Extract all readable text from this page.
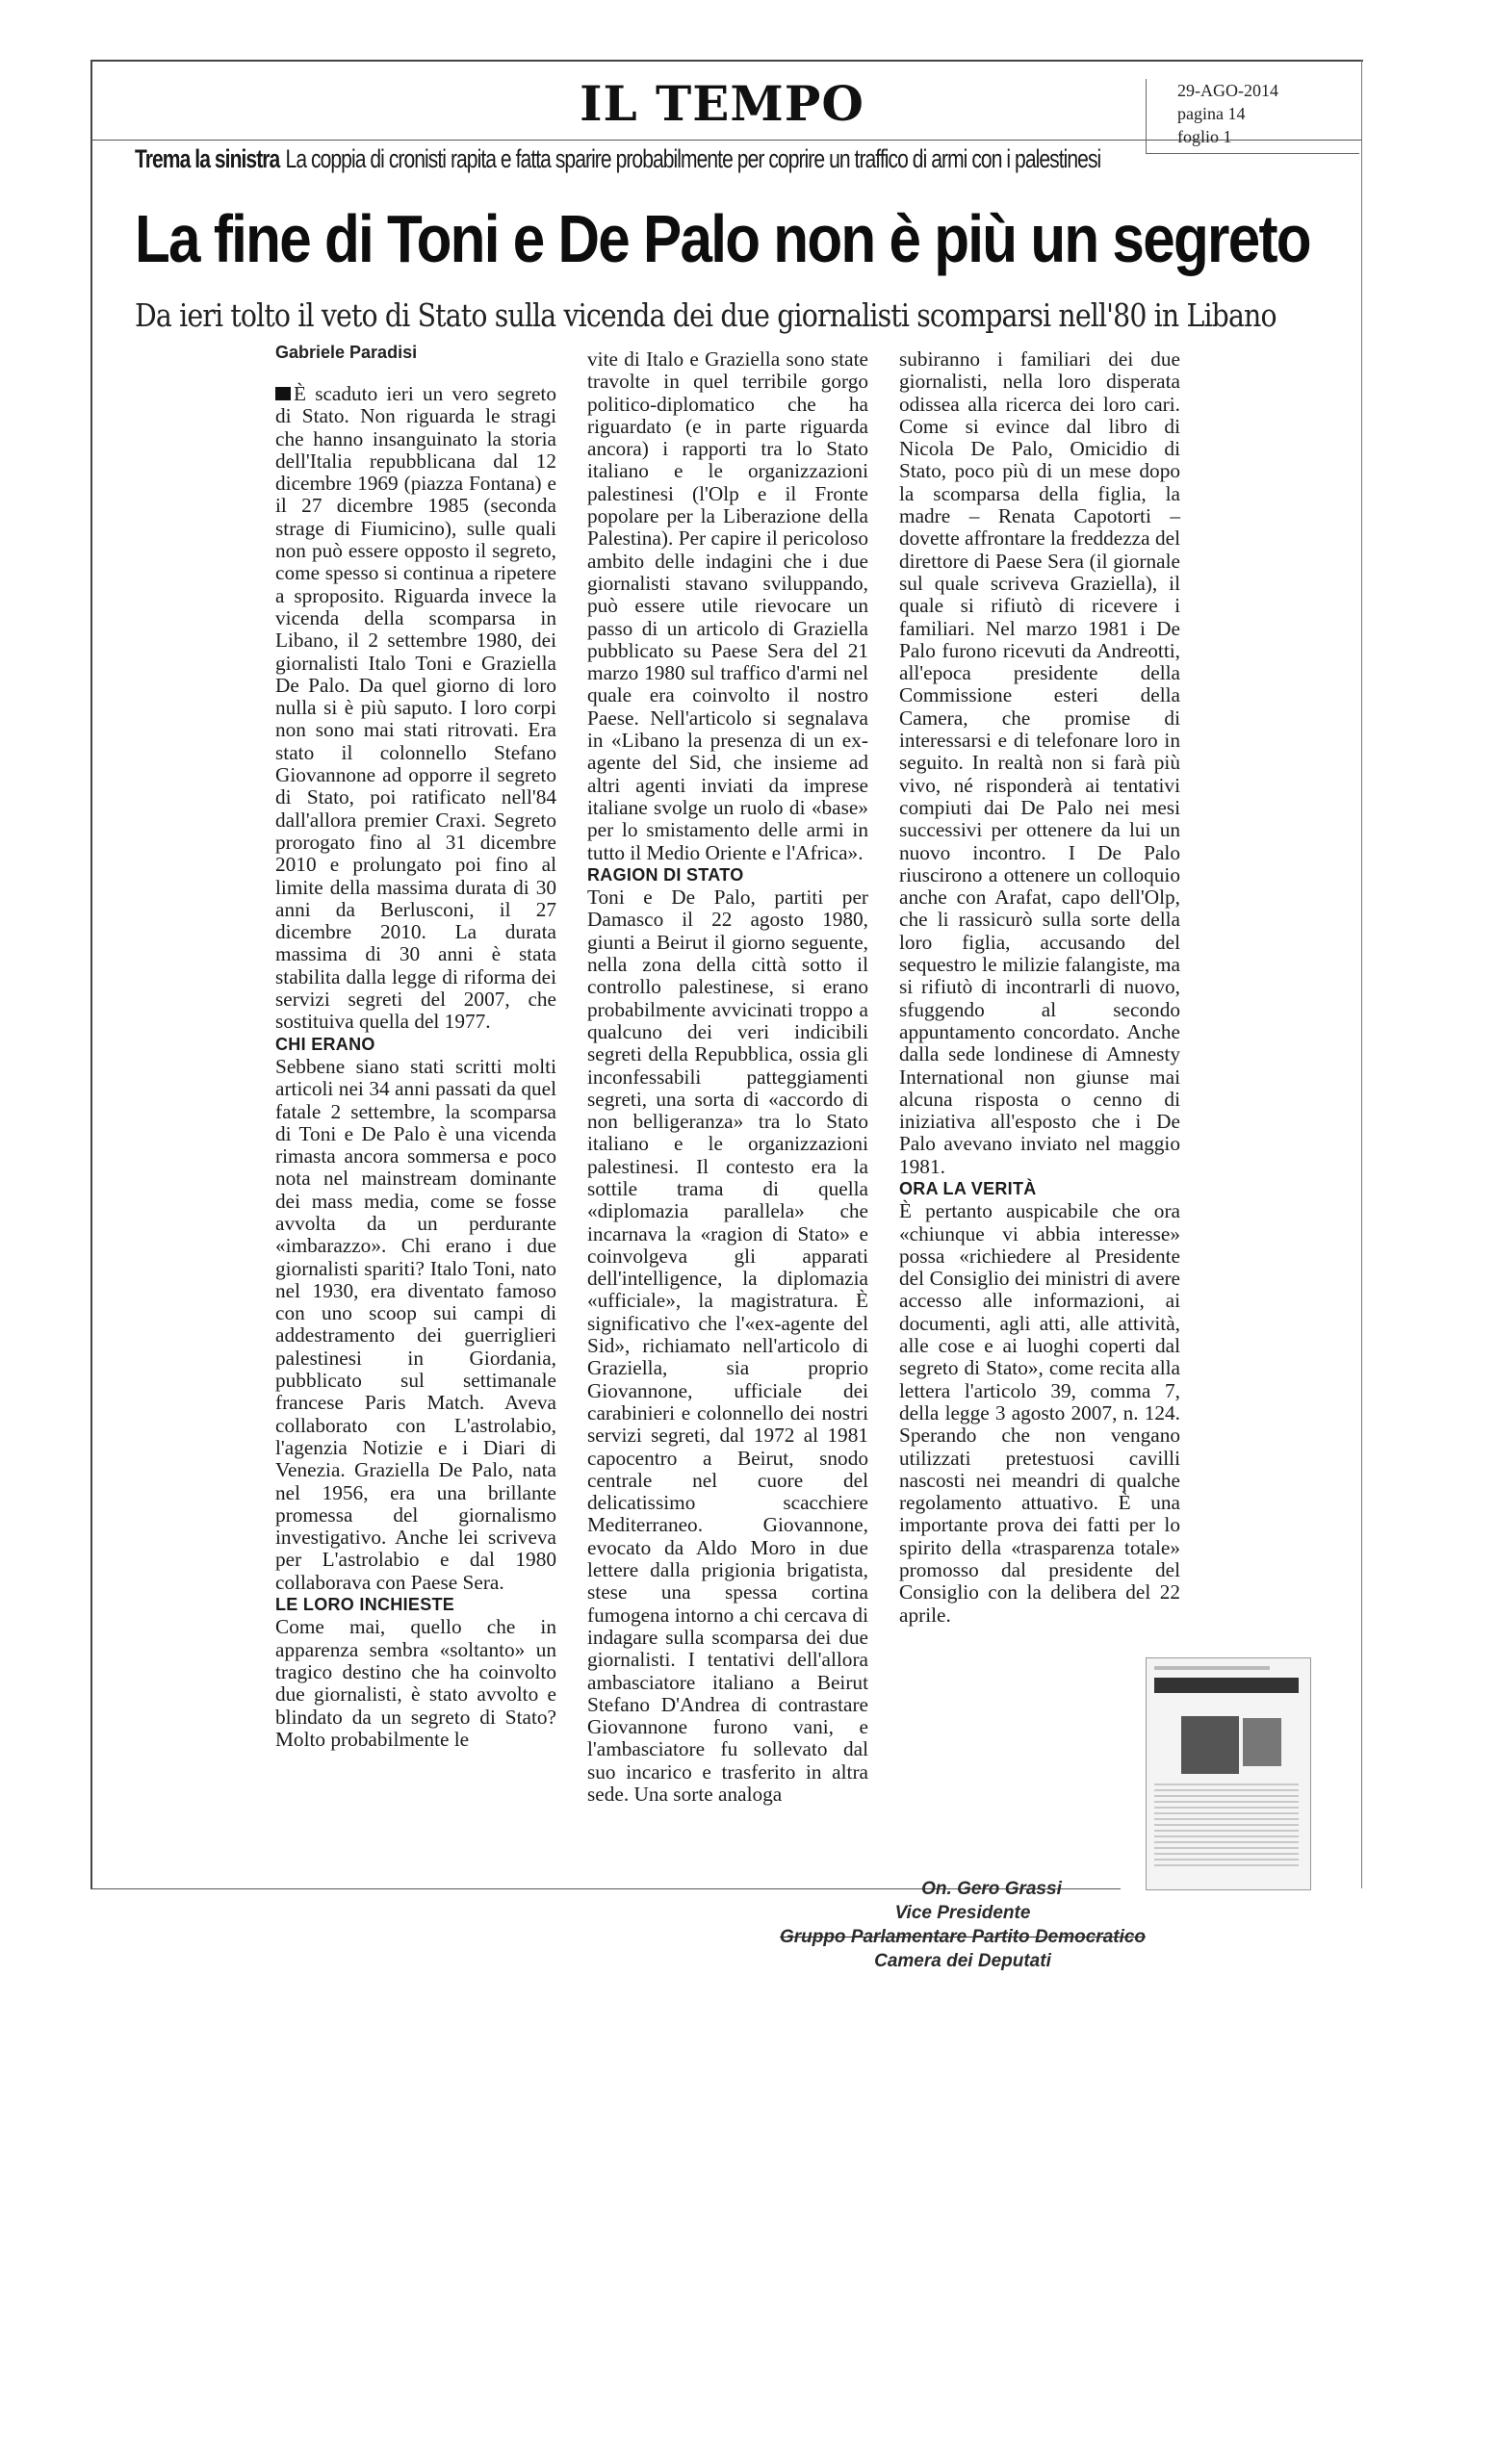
IL TEMPO	29-AGO-2014
pagina 14
foglio 1
Trema la sinistra La coppia di cronisti rapita e fatta sparire probabilmente per coprire un traffico di armi con i palestinesi
La fine di Toni e De Palo non è più un segreto
Da ieri tolto il veto di Stato sulla vicenda dei due giornalisti scomparsi nell'80 in Libano
Gabriele Paradisi

È scaduto ieri un vero segreto di Stato. Non riguarda le stragi che hanno insanguinato la storia dell'Italia repubblicana dal 12 dicembre 1969 (piazza Fontana) e il 27 dicembre 1985 (seconda strage di Fiumicino), sulle quali non può essere opposto il segreto, come spesso si continua a ripetere a sproposito. Riguarda invece la vicenda della scomparsa in Libano, il 2 settembre 1980, dei giornalisti Italo Toni e Graziella De Palo. Da quel giorno di loro nulla si è più saputo. I loro corpi non sono mai stati ritrovati. Era stato il colonnello Stefano Giovannone ad opporre il segreto di Stato, poi ratificato nell'84 dall'allora premier Craxi. Segreto prorogato fino al 31 dicembre 2010 e prolungato poi fino al limite della massima durata di 30 anni da Berlusconi, il 27 dicembre 2010. La durata massima di 30 anni è stata stabilita dalla legge di riforma dei servizi segreti del 2007, che sostituiva quella del 1977.

CHI ERANO

Sebbene siano stati scritti molti articoli nei 34 anni passati da quel fatale 2 settembre, la scomparsa di Toni e De Palo è una vicenda rimasta ancora sommersa e poco nota nel mainstream dominante dei mass media, come se fosse avvolta da un perdurante «imbarazzo». Chi erano i due giornalisti spariti? Italo Toni, nato nel 1930, era diventato famoso con uno scoop sui campi di addestramento dei guerriglieri palestinesi in Giordania, pubblicato sul settimanale francese Paris Match. Aveva collaborato con L'astrolabio, l'agenzia Notizie e i Diari di Venezia. Graziella De Palo, nata nel 1956, era una brillante promessa del giornalismo investigativo. Anche lei scriveva per L'astrolabio e dal 1980 collaborava con Paese Sera.

LE LORO INCHIESTE

Come mai, quello che in apparenza sembra «soltanto» un tragico destino che ha coinvolto due giornalisti, è stato avvolto e blindato da un segreto di Stato? Molto probabilmente le

vite di Italo e Graziella sono state travolte in quel terribile gorgo politico-diplomatico che ha riguardato (e in parte riguarda ancora) i rapporti tra lo Stato italiano e le organizzazioni palestinesi (l'Olp e il Fronte popolare per la Liberazione della Palestina). Per capire il pericoloso ambito delle indagini che i due giornalisti stavano sviluppando, può essere utile rievocare un passo di un articolo di Graziella pubblicato su Paese Sera del 21 marzo 1980 sul traffico d'armi nel quale era coinvolto il nostro Paese. Nell'articolo si segnalava in «Libano la presenza di un ex-agente del Sid, che insieme ad altri agenti inviati da imprese italiane svolge un ruolo di «base» per lo smistamento delle armi in tutto il Medio Oriente e l'Africa».

RAGION DI STATO

Toni e De Palo, partiti per Damasco il 22 agosto 1980, giunti a Beirut il giorno seguente, nella zona della città sotto il controllo palestinese, si erano probabilmente avvicinati troppo a qualcuno dei veri indicibili segreti della Repubblica, ossia gli inconfessabili patteggiamenti segreti, una sorta di «accordo di non belligeranza» tra lo Stato italiano e le organizzazioni palestinesi. Il contesto era la sottile trama di quella «diplomazia parallela» che incarnava la «ragion di Stato» e coinvolgeva gli apparati dell'intelligence, la diplomazia «ufficiale», la magistratura. È significativo che l'«ex-agente del Sid», richiamato nell'articolo di Graziella, sia proprio Giovannone, ufficiale dei carabinieri e colonnello dei nostri servizi segreti, dal 1972 al 1981 capocentro a Beirut, snodo centrale nel cuore del delicatissimo scacchiere Mediterraneo. Giovannone, evocato da Aldo Moro in due lettere dalla prigionia brigatista, stese una spessa cortina fumogena intorno a chi cercava di indagare sulla scomparsa dei due giornalisti. I tentativi dell'allora ambasciatore italiano a Beirut Stefano D'Andrea di contrastare Giovannone furono vani, e l'ambasciatore fu sollevato dal suo incarico e trasferito in altra sede. Una sorte analoga

subiranno i familiari dei due giornalisti, nella loro disperata odissea alla ricerca dei loro cari. Come si evince dal libro di Nicola De Palo, Omicidio di Stato, poco più di un mese dopo la scomparsa della figlia, la madre – Renata Capotorti – dovette affrontare la freddezza del direttore di Paese Sera (il giornale sul quale scriveva Graziella), il quale si rifiutò di ricevere i familiari. Nel marzo 1981 i De Palo furono ricevuti da Andreotti, all'epoca presidente della Commissione esteri della Camera, che promise di interessarsi e di telefonare loro in seguito. In realtà non si farà più vivo, né risponderà ai tentativi compiuti dai De Palo nei mesi successivi per ottenere da lui un nuovo incontro. I De Palo riuscirono a ottenere un colloquio anche con Arafat, capo dell'Olp, che li rassicurò sulla sorte della loro figlia, accusando del sequestro le milizie falangiste, ma si rifiutò di incontrarli di nuovo, sfuggendo al secondo appuntamento concordato. Anche dalla sede londinese di Amnesty International non giunse mai alcuna risposta o cenno di iniziativa all'esposto che i De Palo avevano inviato nel maggio 1981.

ORA LA VERITÀ

È pertanto auspicabile che ora «chiunque vi abbia interesse» possa «richiedere al Presidente del Consiglio dei ministri di avere accesso alle informazioni, ai documenti, agli atti, alle attività, alle cose e ai luoghi coperti dal segreto di Stato», come recita alla lettera l'articolo 39, comma 7, della legge 3 agosto 2007, n. 124. Sperando che non vengano utilizzati pretestuosi cavilli nascosti nei meandri di qualche regolamento attuativo. È una importante prova dei fatti per lo spirito della «trasparenza totale» promosso dal presidente del Consiglio con la delibera del 22 aprile.

On. Gero Grassi
Vice Presidente
Gruppo Parlamentare Partito Democratico
Camera dei Deputati
